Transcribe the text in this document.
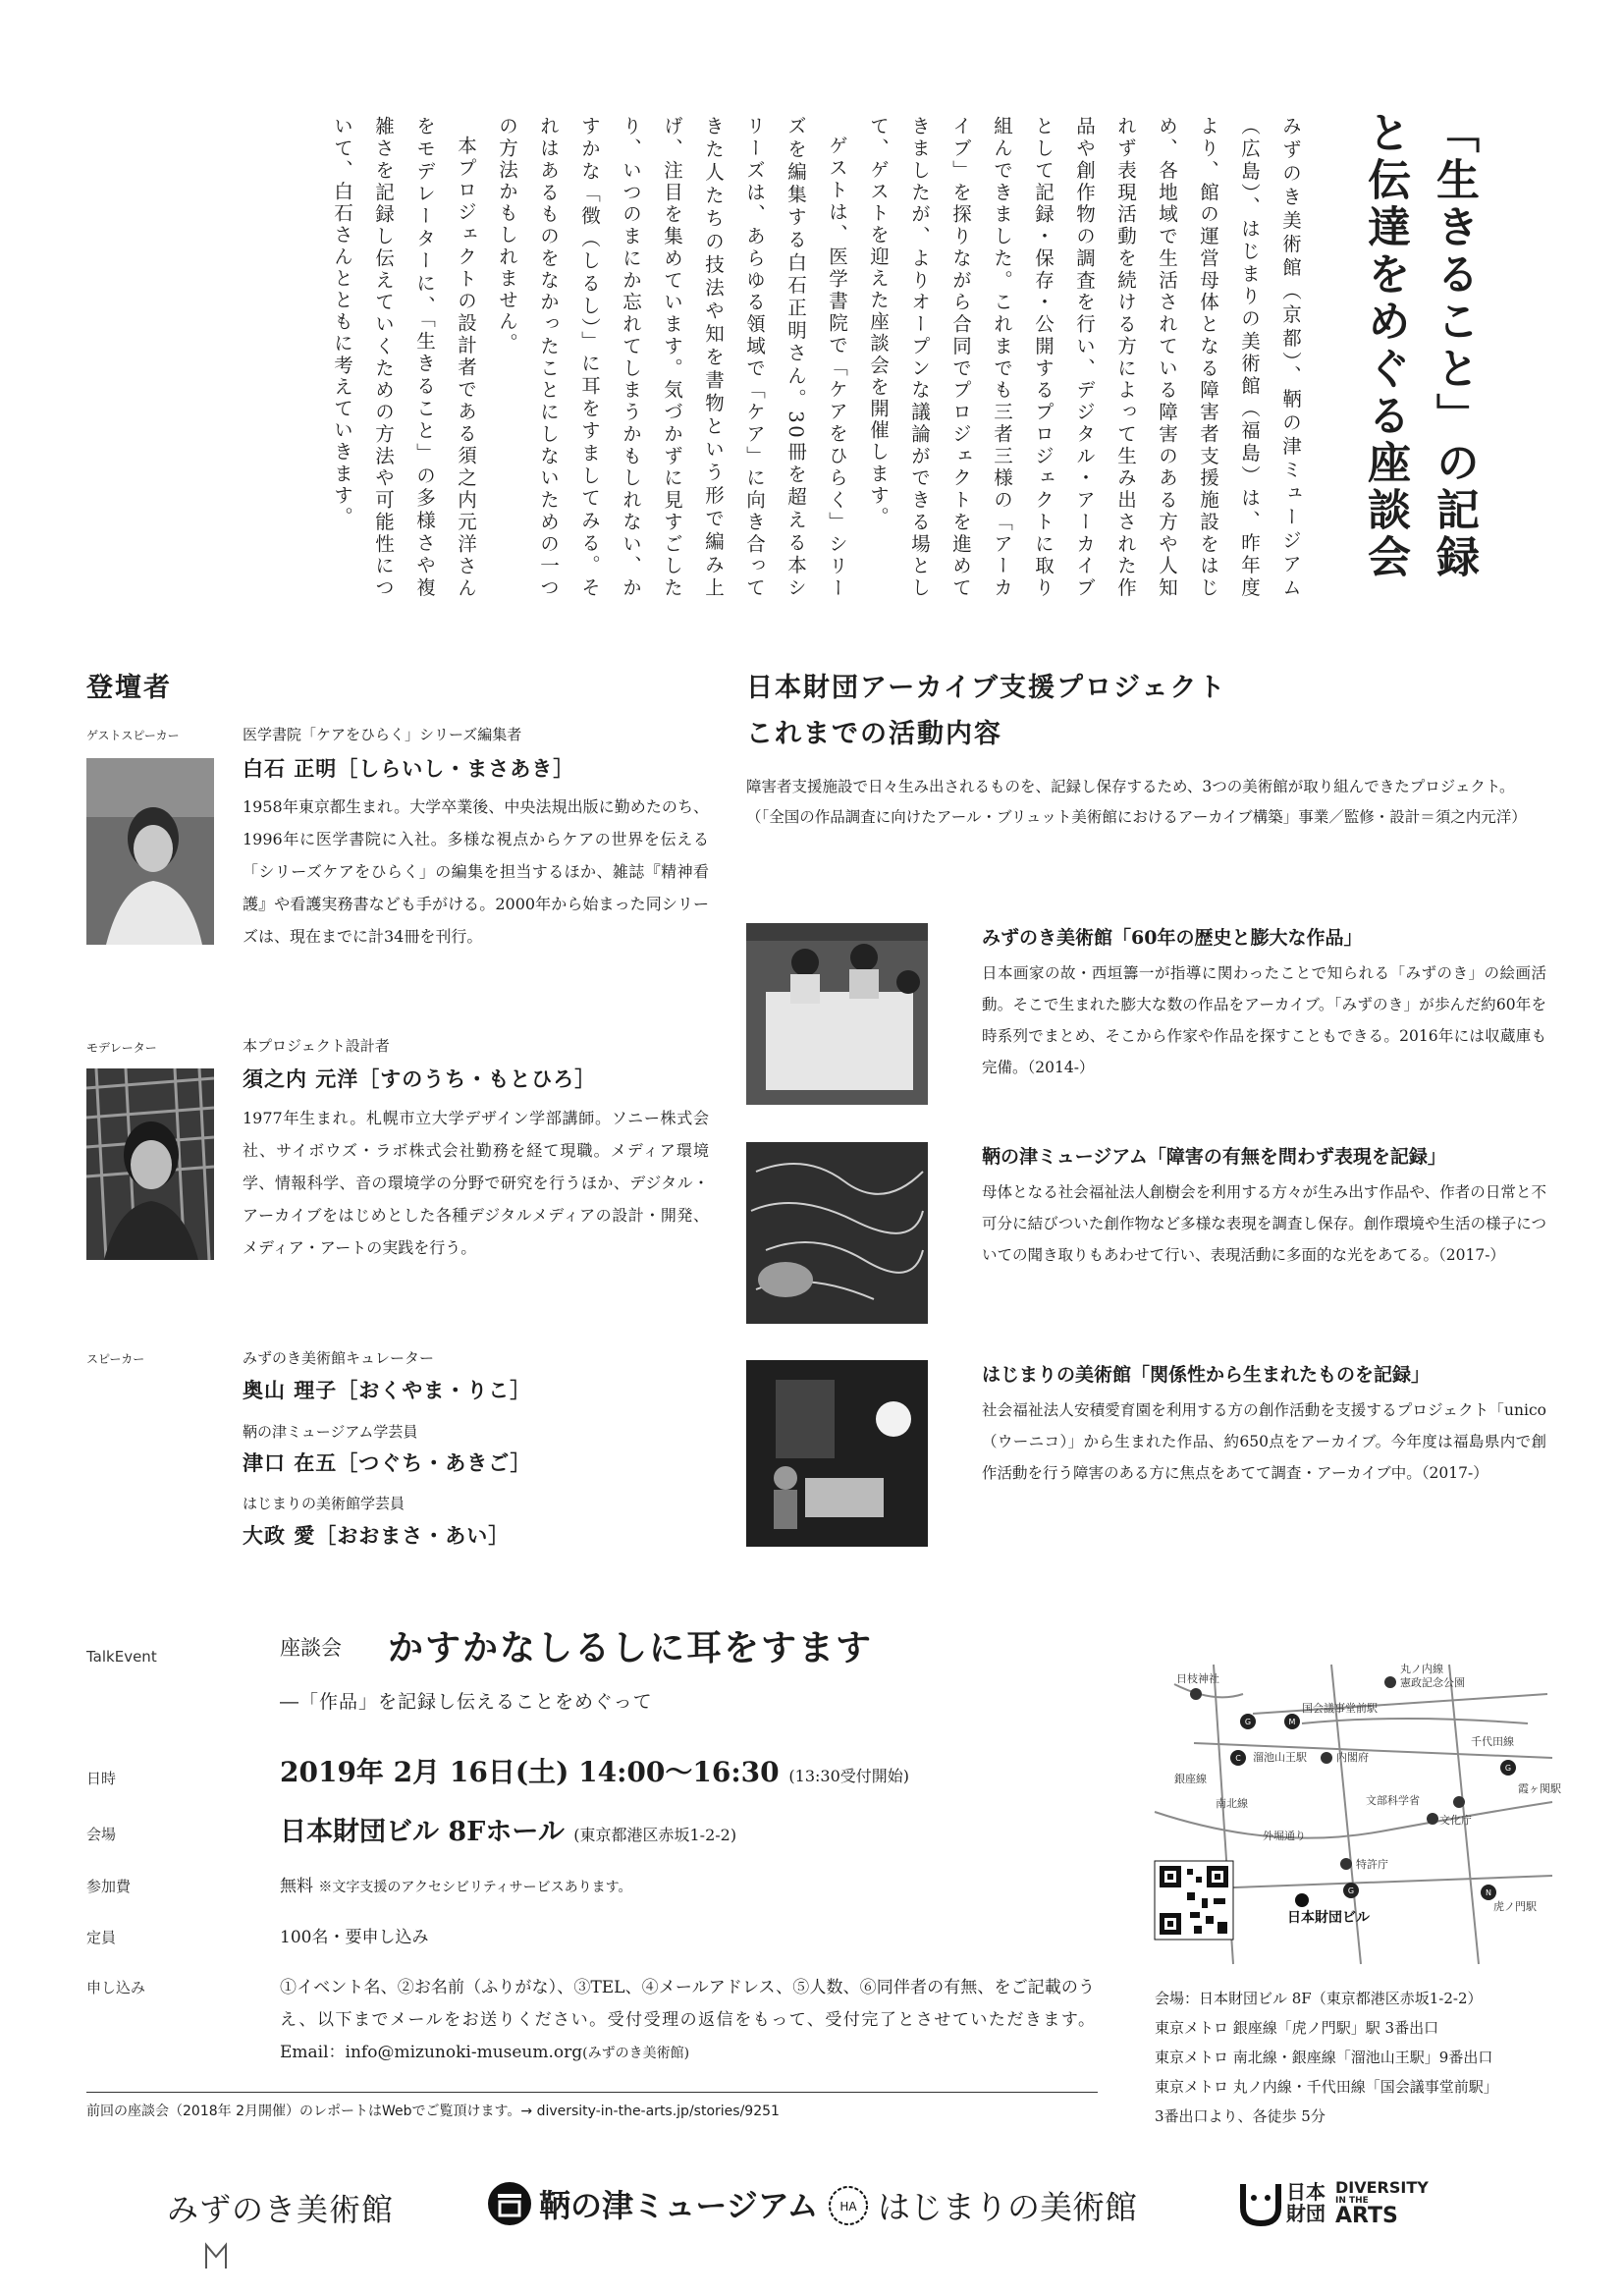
「生きること」の記録と伝達をめぐる座談会

みずのき美術館（京都）、鞆の津ミュージアム（広島）、はじまりの美術館（福島）は、昨年度より、館の運営母体となる障害者支援施設をはじめ、各地域で生活されている障害のある方や人知れず表現活動を続ける方によって生み出された作品や創作物の調査を行い、デジタル・アーカイブとして記録・保存・公開するプロジェクトに取り組んできました。これまでも三者三様の「アーカイブ」を探りながら合同でプロジェクトを進めてきましたが、よりオープンな議論ができる場として、ゲストを迎えた座談会を開催します。

ゲストは、医学書院で「ケアをひらく」シリーズを編集する白石正明さん。30冊を超える本シリーズは、あらゆる領域で「ケア」に向き合ってきた人たちの技法や知を書物という形で編み上げ、注目を集めています。気づかずに見すごしたり、いつのまにか忘れてしまうかもしれない、かすかな「徴（しるし）」に耳をすましてみる。それはあるものをなかったことにしないための一つの方法かもしれません。

本プロジェクトの設計者である須之内元洋さんをモデレーターに、「生きること」の多様さや複雑さを記録し伝えていくための方法や可能性について、白石さんとともに考えていきます。

登壇者
ゲストスピーカー	医学書院「ケアをひらく」シリーズ編集者
白石 正明［しらいし・まさあき］
1958年東京都生まれ。大学卒業後、中央法規出版に勤めたのち、1996年に医学書院に入社。多様な視点からケアの世界を伝える「シリーズケアをひらく」の編集を担当するほか、雑誌『精神看護』や看護実務書なども手がける。2000年から始まった同シリーズは、現在までに計34冊を刊行。
モデレーター	本プロジェクト設計者
須之内 元洋［すのうち・もとひろ］
1977年生まれ。札幌市立大学デザイン学部講師。ソニー株式会社、サイボウズ・ラボ株式会社勤務を経て現職。メディア環境学、情報科学、音の環境学の分野で研究を行うほか、デジタル・アーカイブをはじめとした各種デジタルメディアの設計・開発、メディア・アートの実践を行う。
スピーカー	みずのき美術館キュレーター
奥山 理子［おくやま・りこ］
鞆の津ミュージアム学芸員
津口 在五［つぐち・あきご］
はじまりの美術館学芸員
大政 愛［おおまさ・あい］
日本財団アーカイブ支援プロジェクト
これまでの活動内容
障害者支援施設で日々生み出されるものを、記録し保存するため、3つの美術館が取り組んできたプロジェクト。（「全国の作品調査に向けたアール・ブリュット美術館におけるアーカイブ構築」事業／監修・設計＝須之内元洋）
みずのき美術館「60年の歴史と膨大な作品」
日本画家の故・西垣籌一が指導に関わったことで知られる「みずのき」の絵画活動。そこで生まれた膨大な数の作品をアーカイブ。「みずのき」が歩んだ約60年を時系列でまとめ、そこから作家や作品を探すこともできる。2016年には収蔵庫も完備。（2014-）
鞆の津ミュージアム「障害の有無を問わず表現を記録」
母体となる社会福祉法人創樹会を利用する方々が生み出す作品や、作者の日常と不可分に結びついた創作物など多様な表現を調査し保存。創作環境や生活の様子についての聞き取りもあわせて行い、表現活動に多面的な光をあてる。（2017-）
はじまりの美術館「関係性から生まれたものを記録」
社会福祉法人安積愛育園を利用する方の創作活動を支援するプロジェクト「unico（ウーニコ）」から生まれた作品、約650点をアーカイブ。今年度は福島県内で創作活動を行う障害のある方に焦点をあてて調査・アーカイブ中。（2017-）
TalkEvent	座談会 かすかなしるしに耳をすます
―「作品」を記録し伝えることをめぐって
日時	2019年 2月 16日(土) 14:00～16:30 (13:30受付開始)
会場	日本財団ビル 8Fホール (東京都港区赤坂1-2-2)
参加費	無料 ※文字支援のアクセシビリティサービスあります。
定員	100名・要申し込み
申し込み	①イベント名、②お名前（ふりがな）、③TEL、④メールアドレス、⑤人数、⑥同伴者の有無、をご記載のうえ、以下までメールをお送りください。受付受理の返信をもって、受付完了とさせていただきます。Email：info@mizunoki-museum.org(みずのき美術館)
前回の座談会（2018年 2月開催）のレポートはWebでご覧頂けます。→ diversity-in-the-arts.jp/stories/9251
G	M
C
G
N
G
日枝神社	憲政記念公園
国会議事堂前駅
溜池山王駅	内閣府
千代田線
丸ノ内線
霞ヶ関駅
銀座線
南北線	文部科学省
文化庁
外堀通り
特許庁
虎ノ門駅
日本財団ビル
会場：日本財団ビル 8F（東京都港区赤坂1-2-2）
東京メトロ 銀座線「虎ノ門駅」駅 3番出口
東京メトロ 南北線・銀座線「溜池山王駅」9番出口
東京メトロ 丸ノ内線・千代田線「国会議事堂前駅」
3番出口より、各徒歩 5分
みずのき美術館	鞆の津ミュージアム HA はじまりの美術館	日本
財団
DIVERSITY
IN THE
ARTS
